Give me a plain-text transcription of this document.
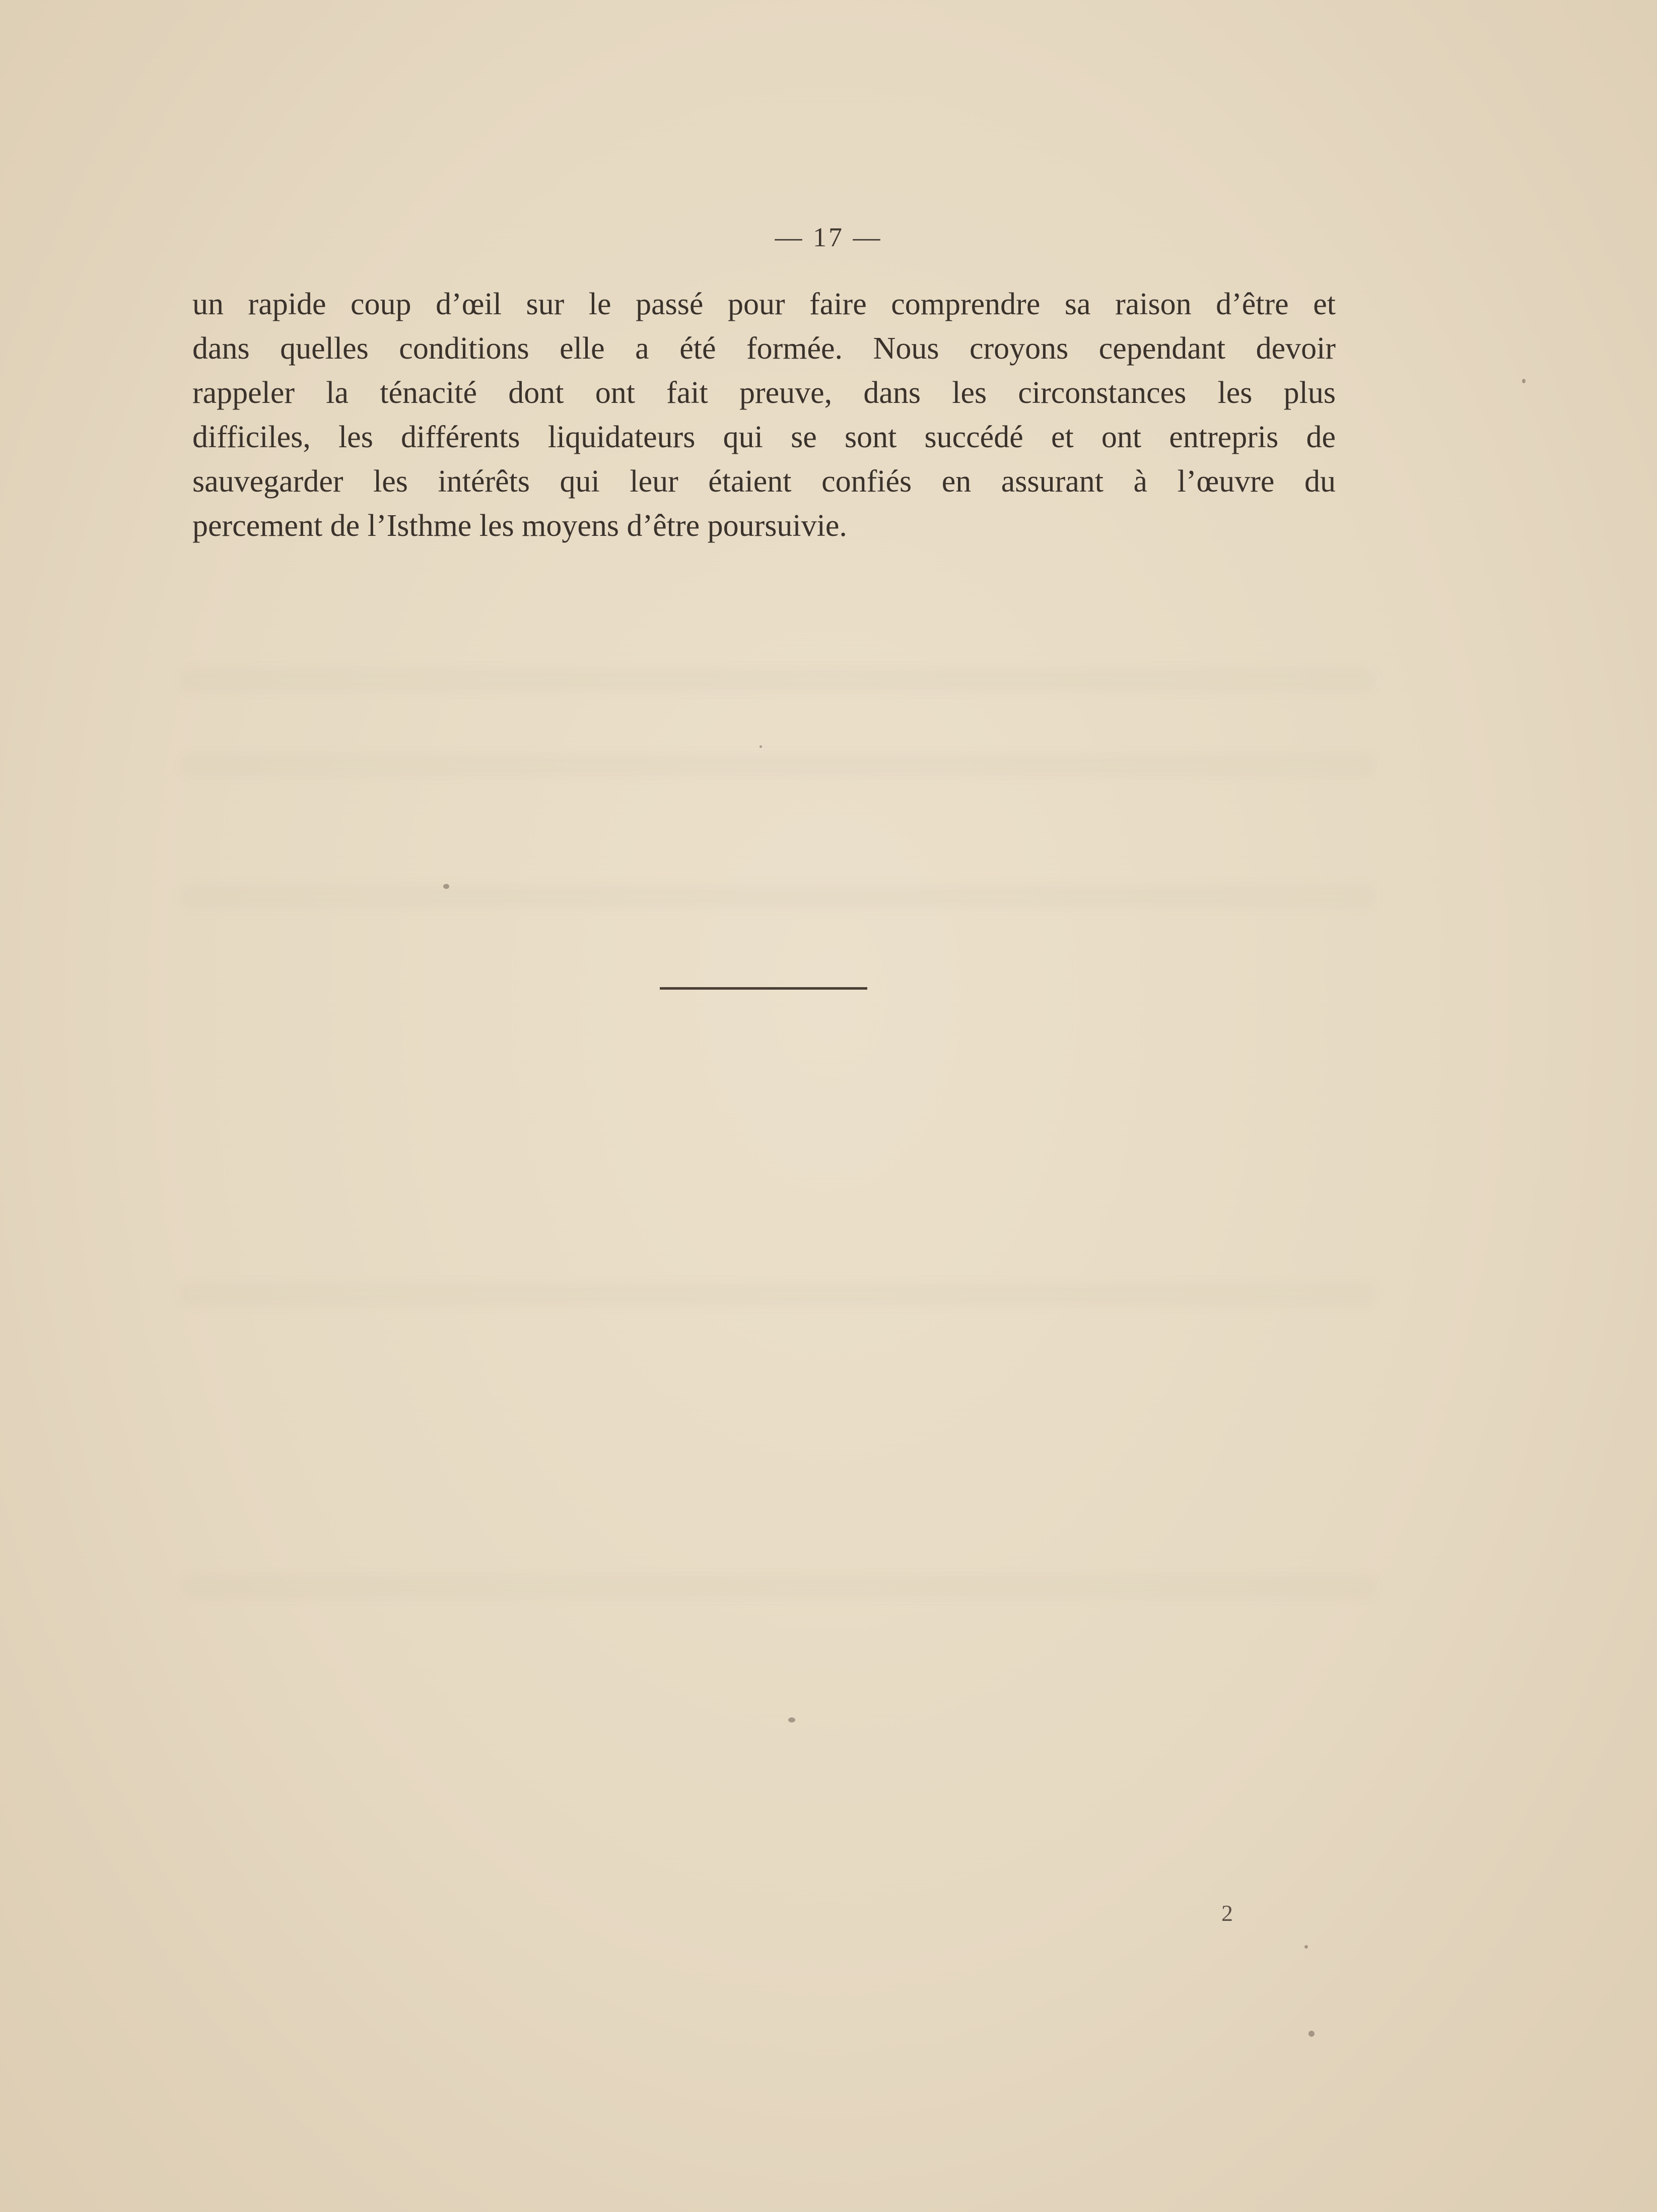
— 17 —
un rapide coup d’œil sur le passé pour faire comprendre sa raison d’être et
dans quelles conditions elle a été formée. Nous croyons cependant devoir
rappeler la ténacité dont ont fait preuve, dans les circonstances les plus
difficiles, les différents liquidateurs qui se sont succédé et ont entrepris de
sauvegarder les intérêts qui leur étaient confiés en assurant à l’œuvre du
percement de l’Isthme les moyens d’être poursuivie.
2
